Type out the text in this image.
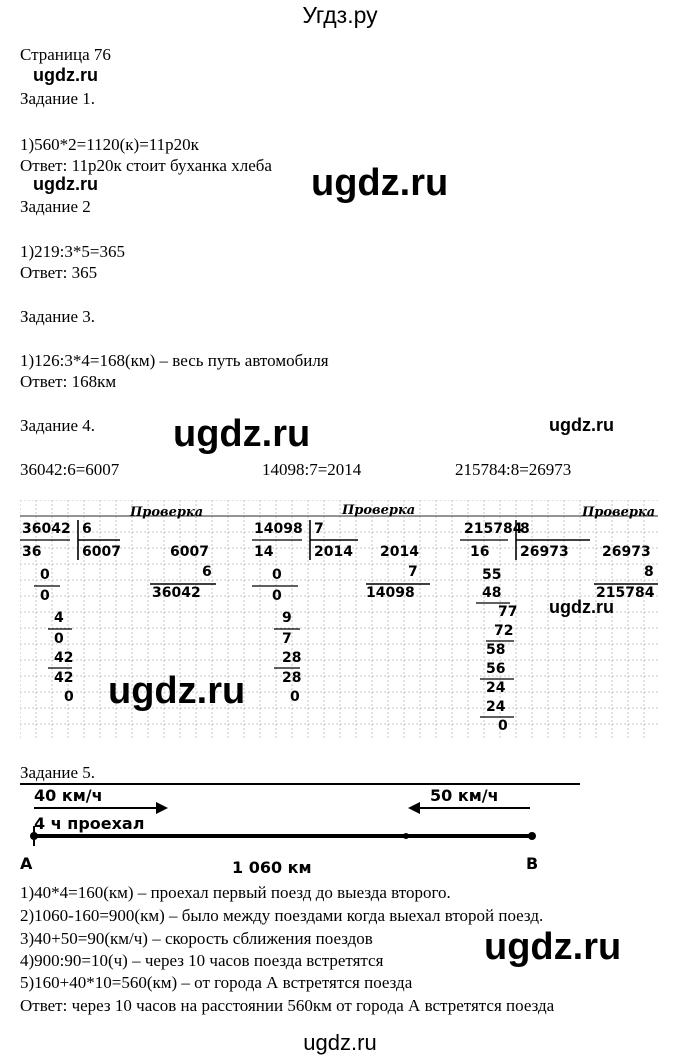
Угдз.ру
Страница 76
ugdz.ru
Задание 1.
1)560*2=1120(к)=11р20к
Ответ: 11р20к стоит буханка хлеба
ugdz.ru	ugdz.ru
Задание 2
1)219:3*5=365
Ответ: 365
Задание 3.
1)126:3*4=168(км) – весь путь автомобиля
Ответ: 168км
Задание 4. ugdz.ru	ugdz.ru
36042:6=6007	14098:7=2014	215784:8=26973
Проверка
36042 6
36	6007	6007
6
36042
0
0
4
0
42
42
0
Проверка
14098 7
14	2014 2014
7
14098
0
0
9
7
28
28
0
Проверка
215784
8
16 26973 26973
8
215784
55
48
77
72
58
56
24
24
0
ugdz.ru
ugdz.ru
Задание 5.
40 км/ч	50 км/ч
4 ч проехал
А	В
1 060 км
1)40*4=160(км) – проехал первый поезд до выезда второго.
2)1060-160=900(км) – было между поездами когда выехал второй поезд.
3)40+50=90(км/ч) – скорость сближения поездов
4)900:90=10(ч) – через 10 часов поезда встретятся
5)160+40*10=560(км) – от города А встретятся поезда
Ответ: через 10 часов на расстоянии 560км от города А встретятся поезда
ugdz.ru
ugdz.ru
